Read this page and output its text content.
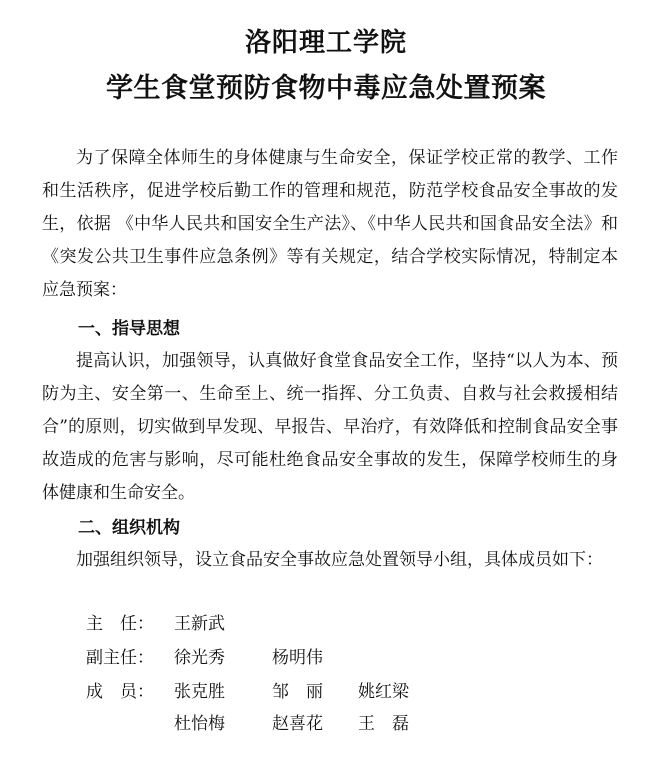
洛阳理工学院
学生食堂预防食物中毒应急处置预案

为了保障全体师生的身体健康与生命安全，保证学校正常的教学、工作和生活秩序，促进学校后勤工作的管理和规范，防范学校食品安全事故的发生，依据 《中华人民共和国安全生产法》、《中华人民共和国食品安全法》和《突发公共卫生事件应急条例》等有关规定，结合学校实际情况，特制定本应急预案：

一、指导思想

提高认识，加强领导，认真做好食堂食品安全工作，坚持“以人为本、预防为主、安全第一、生命至上、统一指挥、分工负责、自救与社会救援相结合”的原则，切实做到早发现、早报告、早治疗，有效降低和控制食品安全事故造成的危害与影响，尽可能杜绝食品安全事故的发生，保障学校师生的身体健康和生命安全。

二、组织机构

加强组织领导，设立食品安全事故应急处置领导小组，具体成员如下：

主　任： 王新武
副主任： 徐光秀	杨明伟
成　员： 张克胜	邹　丽 姚红梁
杜怡梅	赵喜花 王　磊
